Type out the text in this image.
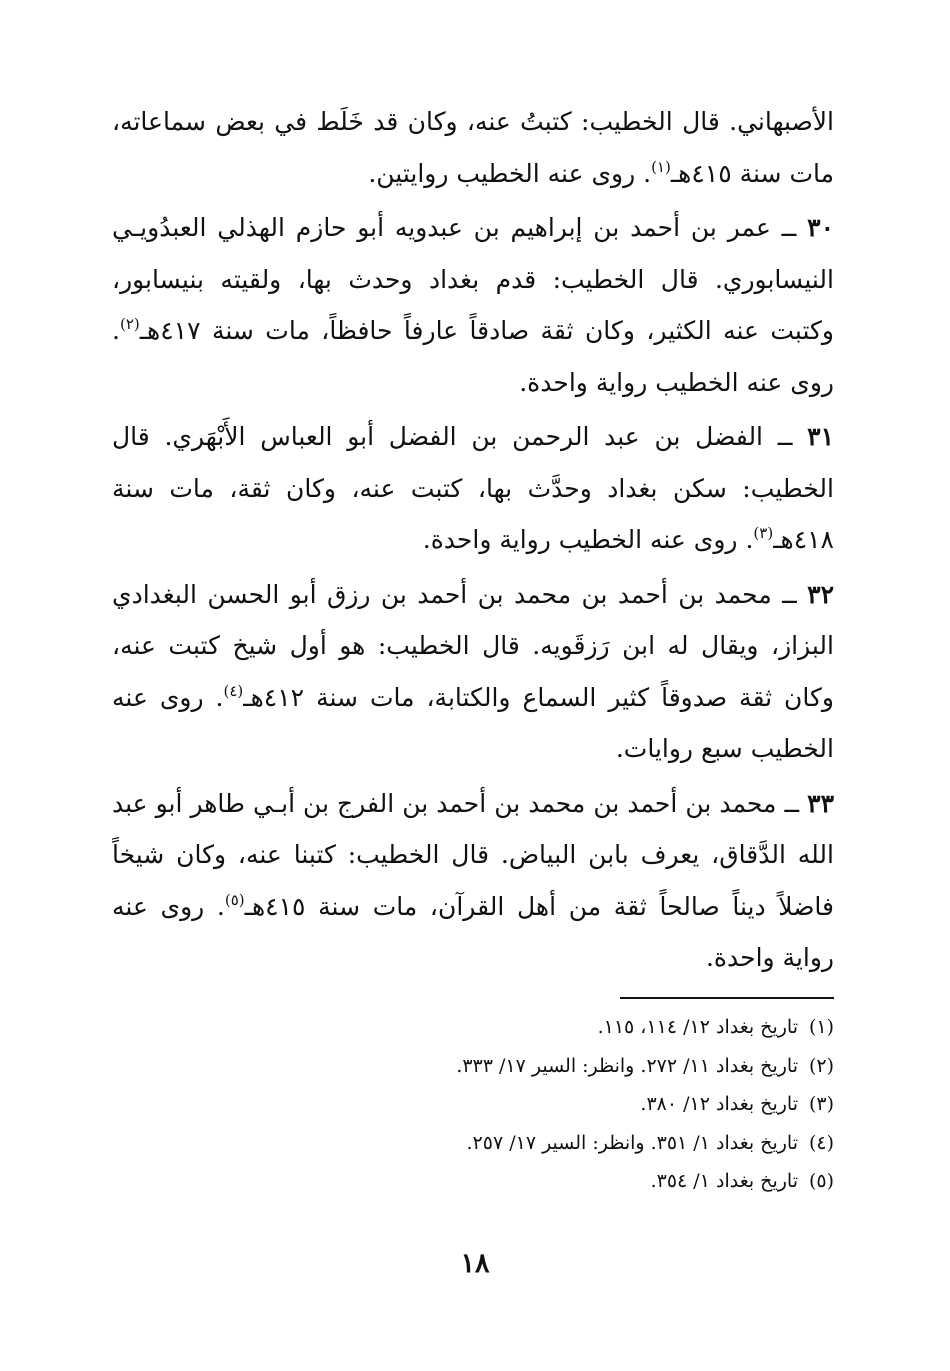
الأصبهاني. قال الخطيب: كتبتُ عنه، وكان قد خَلَط في بعض سماعاته، مات سنة ٤١٥هـ$^{(١)}$. روى عنه الخطيب روايتين.

٣٠ ــ عمر بن أحمد بن إبراهيم بن عبدويه أبو حازم الهذلي العبدُويـي النيسابوري. قال الخطيب: قدم بغداد وحدث بها، ولقيته بنيسابور، وكتبت عنه الكثير، وكان ثقة صادقاً عارفاً حافظاً، مات سنة ٤١٧هـ$^{(٢)}$. روى عنه الخطيب رواية واحدة.

٣١ ــ الفضل بن عبد الرحمن بن الفضل أبو العباس الأَبْهَري. قال الخطيب: سكن بغداد وحدَّث بها، كتبت عنه، وكان ثقة، مات سنة ٤١٨هـ$^{(٣)}$. روى عنه الخطيب رواية واحدة.

٣٢ ــ محمد بن أحمد بن محمد بن أحمد بن رزق أبو الحسن البغدادي البزاز، ويقال له ابن رَزقَويه. قال الخطيب: هو أول شيخ كتبت عنه، وكان ثقة صدوقاً كثير السماع والكتابة، مات سنة ٤١٢هـ$^{(٤)}$. روى عنه الخطيب سبع روايات.

٣٣ ــ محمد بن أحمد بن محمد بن أحمد بن الفرج بن أبـي طاهر أبو عبد الله الدَّقاق، يعرف بابن البياض. قال الخطيب: كتبنا عنه، وكان شيخاً فاضلاً ديناً صالحاً ثقة من أهل القرآن، مات سنة ٤١٥هـ$^{(٥)}$. روى عنه رواية واحدة.

(١)تاريخ بغداد ١٢/ ١١٤، ١١٥.
(٢)تاريخ بغداد ١١/ ٢٧٢. وانظر: السير ١٧/ ٣٣٣.
(٣)تاريخ بغداد ١٢/ ٣٨٠.
(٤)تاريخ بغداد ١/ ٣٥١. وانظر: السير ١٧/ ٢٥٧.
(٥)تاريخ بغداد ١/ ٣٥٤.
١٨
